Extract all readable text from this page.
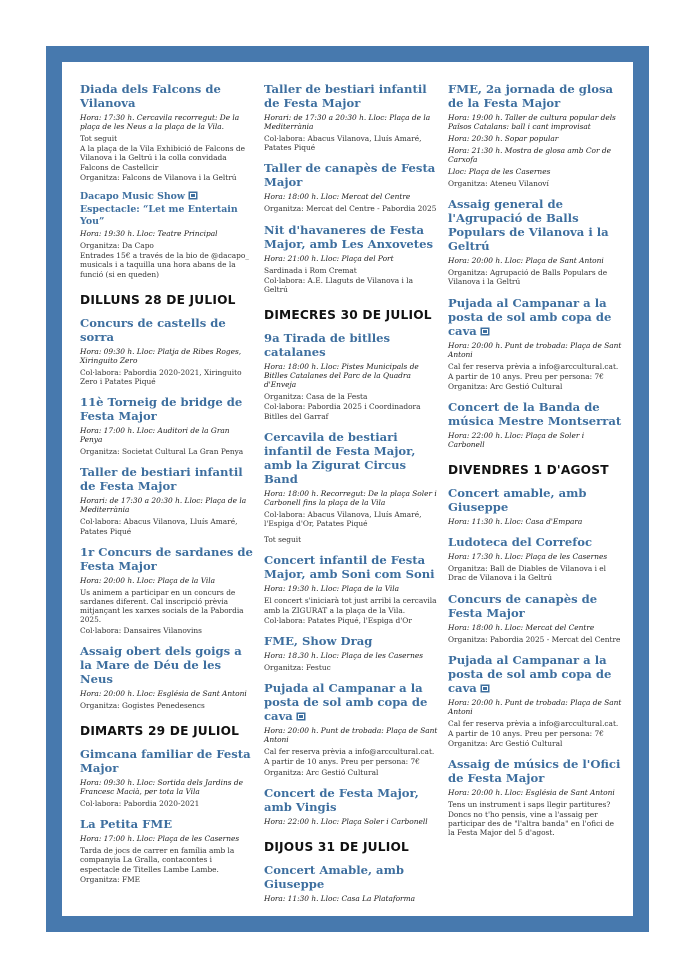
Diada dels Falcons de Vilanova
Hora: 17:30 h. Cercavila recorregut: De la plaça de les Neus a la plaça de la Vila.
Tot seguit
A la plaça de la Vila Exhibició de Falcons de Vilanova i la Geltrú i la colla convidada Falcons de Castellcir
Organitza: Falcons de Vilanova i la Geltrú
Dacapo Music Show
Espectacle: “Let me Entertain You”
Hora: 19:30 h. Lloc: Teatre Principal
Organitza: Da Capo
Entrades 15€ a través de la bio de @dacapo_ musicals i a taquilla una hora abans de la funció (si en queden)
DILLUNS 28 DE JULIOL
Concurs de castells de sorra
Hora: 09:30 h. Lloc: Platja de Ribes Roges, Xiringuito Zero
Col·labora: Pabordia 2020-2021, Xiringuito Zero i Patates Piqué
11è Torneig de bridge de Festa Major
Hora: 17:00 h. Lloc: Auditori de la Gran Penya
Organitza: Societat Cultural La Gran Penya
Taller de bestiari infantil de Festa Major
Horari: de 17:30 a 20:30 h. Lloc: Plaça de la Mediterrània
Col·labora: Abacus Vilanova, Lluís Amaré, Patates Piqué
1r Concurs de sardanes de Festa Major
Hora: 20:00 h. Lloc: Plaça de la Vila
Us animem a participar en un concurs de sardanes diferent. Cal inscripció prèvia mitjançant les xarxes socials de la Pabordia 2025.
Col·labora: Dansaires Vilanovins
Assaig obert dels goigs a la Mare de Déu de les Neus
Hora: 20:00 h. Lloc: Església de Sant Antoni
Organitza: Gogistes Penedesencs
DIMARTS 29 DE JULIOL
Gimcana familiar de Festa Major
Hora: 09:30 h. Lloc: Sortida dels Jardins de Francesc Macià, per tota la Vila
Col·labora: Pabordia 2020-2021
La Petita FME
Hora: 17:00 h. Lloc: Plaça de les Casernes
Tarda de jocs de carrer en família amb la companyia La Gralla, contacontes i espectacle de Titelles Lambe Lambe.
Organitza: FME
Taller de bestiari infantil de Festa Major
Horari: de 17:30 a 20:30 h. Lloc: Plaça de la Mediterrània
Col·labora: Abacus Vilanova, Lluís Amaré, Patates Piqué
Taller de canapès de Festa Major
Hora: 18:00 h. Lloc: Mercat del Centre
Organitza: Mercat del Centre - Pabordia 2025
Nit d'havaneres de Festa Major, amb Les Anxovetes
Hora: 21:00 h. Lloc: Plaça del Port
Sardinada i Rom Cremat
Col·labora: A.E. Llaguts de Vilanova i la Geltrú
DIMECRES 30 DE JULIOL
9a Tirada de bitlles catalanes
Hora: 18:00 h. Lloc: Pistes Municipals de Bitlles Catalanes del Parc de la Quadra d'Enveja
Organitza: Casa de la Festa
Col·labora: Pabordia 2025 i Coordinadora Bitlles del Garraf
Cercavila de bestiari infantil de Festa Major, amb la Zigurat Circus Band
Hora: 18:00 h. Recorregut: De la plaça Soler i Carbonell fins la plaça de la Vila
Col·labora: Abacus Vilanova, Lluís Amaré, l'Espiga d'Or, Patates Piqué
Tot seguit
Concert infantil de Festa Major, amb Soni com Soni
Hora: 19:30 h. Lloc: Plaça de la Vila
El concert s'iniciarà tot just arribi la cercavila amb la ZIGURAT a la plaça de la Vila.
Col·labora: Patates Piqué, l'Espiga d'Or
FME, Show Drag
Hora: 18.30 h. Lloc: Plaça de les Casernes
Organitza: Festuc
Pujada al Campanar a la posta de sol amb copa de cava
Hora: 20:00 h. Punt de trobada: Plaça de Sant Antoni
Cal fer reserva prèvia a info@arccultural.cat.
A partir de 10 anys. Preu per persona: 7€
Organitza: Arc Gestió Cultural
Concert de Festa Major, amb Vingis
Hora: 22:00 h. Lloc: Plaça Soler i Carbonell
DIJOUS 31 DE JULIOL
Concert Amable, amb Giuseppe
Hora: 11:30 h. Lloc: Casa La Plataforma
FME, 2a jornada de glosa de la Festa Major
Hora: 19:00 h. Taller de cultura popular dels Països Catalans: ball i cant improvisat
Hora: 20:30 h. Sopar popular
Hora: 21:30 h. Mostra de glosa amb Cor de Carxofa
Lloc: Plaça de les Casernes
Organitza: Ateneu Vilanoví
Assaig general de l'Agrupació de Balls Populars de Vilanova i la Geltrú
Hora: 20:00 h. Lloc: Plaça de Sant Antoni
Organitza: Agrupació de Balls Populars de Vilanova i la Geltrú
Pujada al Campanar a la posta de sol amb copa de cava
Hora: 20:00 h. Punt de trobada: Plaça de Sant Antoni
Cal fer reserva prèvia a info@arccultural.cat.
A partir de 10 anys. Preu per persona: 7€
Organitza: Arc Gestió Cultural
Concert de la Banda de música Mestre Montserrat
Hora: 22:00 h. Lloc: Plaça de Soler i Carbonell
DIVENDRES 1 D'AGOST
Concert amable, amb Giuseppe
Hora: 11:30 h. Lloc: Casa d'Empara
Ludoteca del Correfoc
Hora: 17:30 h. Lloc: Plaça de les Casernes
Organitza: Ball de Diables de Vilanova i el Drac de Vilanova i la Geltrú
Concurs de canapès de Festa Major
Hora: 18:00 h. Lloc: Mercat del Centre
Organitza: Pabordia 2025 - Mercat del Centre
Pujada al Campanar a la posta de sol amb copa de cava
Hora: 20:00 h. Punt de trobada: Plaça de Sant Antoni
Cal fer reserva prèvia a info@arccultural.cat.
A partir de 10 anys. Preu per persona: 7€
Organitza: Arc Gestió Cultural
Assaig de músics de l'Ofici de Festa Major
Hora: 20:00 h. Lloc: Església de Sant Antoni
Tens un instrument i saps llegir partitures? Doncs no t'ho pensis, vine a l'assaig per participar des de "l'altra banda" en l'ofici de la Festa Major del 5 d'agost.
